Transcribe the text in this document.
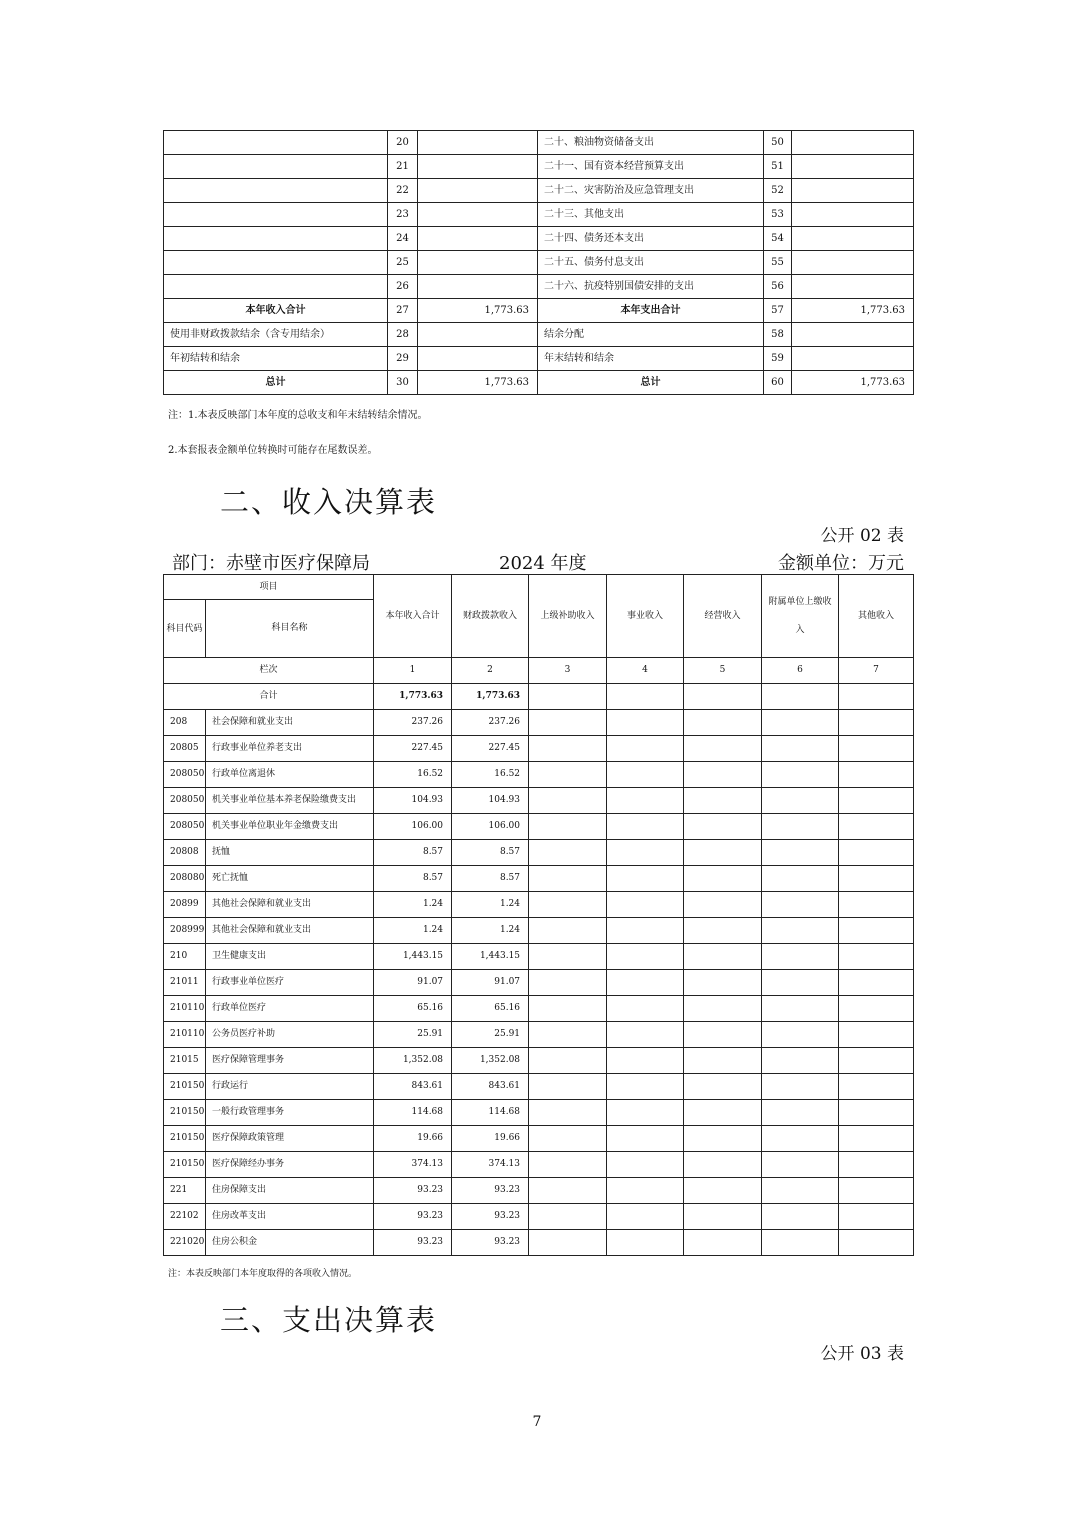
	20		二十、粮油物资储备支出	50	
	21		二十一、国有资本经营预算支出	51	
	22		二十二、灾害防治及应急管理支出	52	
	23		二十三、其他支出	53	
	24		二十四、债务还本支出	54	
	25		二十五、债务付息支出	55	
	26		二十六、抗疫特别国债安排的支出	56	
本年收入合计	27	1,773.63	本年支出合计	57	1,773.63
使用非财政拨款结余（含专用结余）	28		结余分配	58	
年初结转和结余	29		年末结转和结余	59	
总计	30	1,773.63	总计	60	1,773.63
注：1.本表反映部门本年度的总收支和年末结转结余情况。
2.本套报表金额单位转换时可能存在尾数误差。
二、收入决算表
公开 02 表
部门：赤壁市医疗保障局	2024 年度	金额单位：万元
项目		本年收入合计	财政拨款收入	上级补助收入	事业收入	经营收入	附属单位上缴收入	其他收入
科目代码	科目名称							
栏次		1	2	3	4	5	6	7
合计		1,773.63	1,773.63					
208	社会保障和就业支出	237.26	237.26					
20805	行政事业单位养老支出	227.45	227.45					
208050	行政单位离退休	16.52	16.52					
208050	机关事业单位基本养老保险缴费支出	104.93	104.93					
208050	机关事业单位职业年金缴费支出	106.00	106.00					
20808	抚恤	8.57	8.57					
208080	死亡抚恤	8.57	8.57					
20899	其他社会保障和就业支出	1.24	1.24					
208999	其他社会保障和就业支出	1.24	1.24					
210	卫生健康支出	1,443.15	1,443.15					
21011	行政事业单位医疗	91.07	91.07					
210110	行政单位医疗	65.16	65.16					
210110	公务员医疗补助	25.91	25.91					
21015	医疗保障管理事务	1,352.08	1,352.08					
210150	行政运行	843.61	843.61					
210150	一般行政管理事务	114.68	114.68					
210150	医疗保障政策管理	19.66	19.66					
210150	医疗保障经办事务	374.13	374.13					
221	住房保障支出	93.23	93.23					
22102	住房改革支出	93.23	93.23					
221020	住房公积金	93.23	93.23					
注：本表反映部门本年度取得的各项收入情况。
三、支出决算表
公开 03 表
7
